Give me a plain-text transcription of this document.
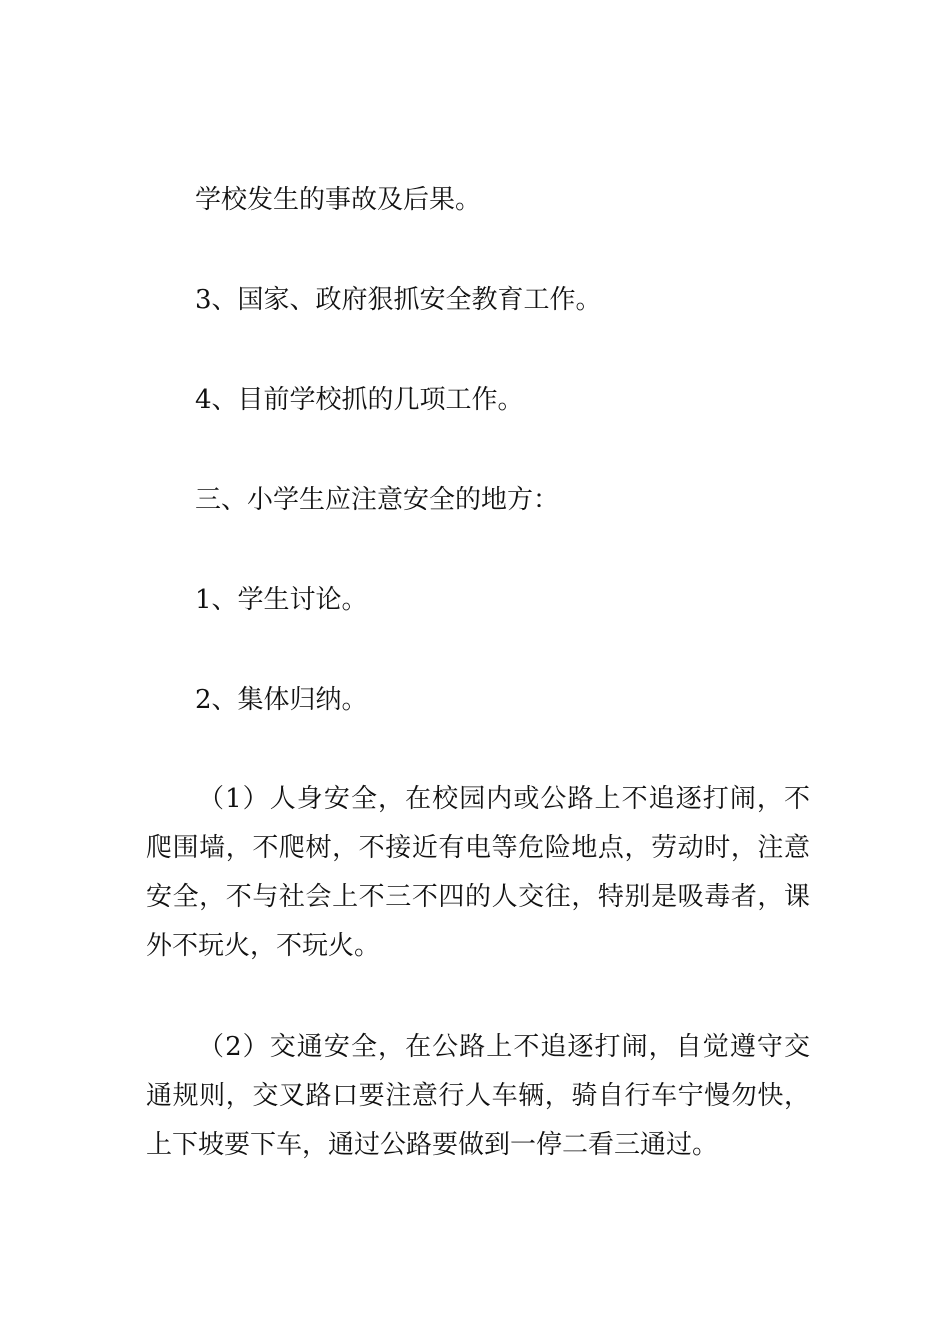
学校发生的事故及后果。
3、国家、政府狠抓安全教育工作。
4、目前学校抓的几项工作。
三、小学生应注意安全的地方：
1、学生讨论。
2、集体归纳。

（1）人身安全，在校园内或公路上不追逐打闹，不爬围墙，不爬树，不接近有电等危险地点，劳动时，注意安全，不与社会上不三不四的人交往，特别是吸毒者，课外不玩火，不玩火。

（2）交通安全，在公路上不追逐打闹，自觉遵守交通规则，交叉路口要注意行人车辆，骑自行车宁慢勿快，上下坡要下车，通过公路要做到一停二看三通过。
